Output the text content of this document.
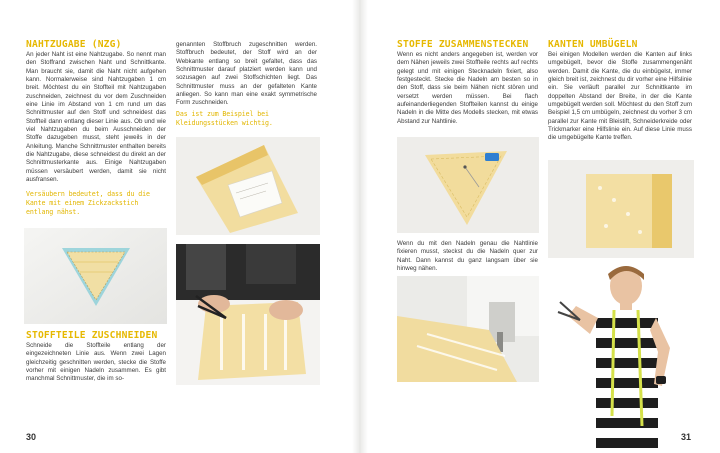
NAHTZUGABE (NZG)
An jeder Naht ist eine Nahtzugabe. So nennt man den Stoffrand zwischen Naht und Schnittkante. Man braucht sie, damit die Naht nicht aufgehen kann. Normalerweise sind Nahtzugaben 1 cm breit. Möchtest du ein Stoffteil mit Nahtzugaben zuschneiden, zeichnest du vor dem Zuschneiden eine Linie im Abstand von 1 cm rund um das Schnittmuster auf den Stoff und schneidest das Stoffteil dann entlang dieser Linie aus. Ob und wie viel Nahtzugaben du beim Ausschneiden der Stoffe dazugeben musst, steht jeweils in der Anleitung. Manche Schnittmuster enthalten bereits die Nahtzugabe, diese schneidest du direkt an der Schnittmusterkante aus. Einige Nahtzugaben müssen versäubert werden, damit sie nicht ausfransen.
Versäubern bedeutet, dass du die Kante mit einem Zickzackstich entlang nähst.
STOFFTEILE ZUSCHNEIDEN
Schneide die Stoffteile entlang der eingezeichneten Linie aus. Wenn zwei Lagen gleichzeitig geschnitten werden, stecke die Stoffe vorher mit einigen Nadeln zusammen. Es gibt manchmal Schnittmuster, die im so-
30
genannten Stoffbruch zugeschnitten werden. Stoffbruch bedeutet, der Stoff wird an der Webkante entlang so breit gefaltet, dass das Schnittmuster darauf platziert werden kann und sozusagen auf zwei Stoffschichten liegt. Das Schnittmuster muss an der gefalteten Kante anliegen. So kann man eine exakt symmetrische Form zuschneiden.
Das ist zum Beispiel bei Kleidungsstücken wichtig.
STOFFE ZUSAMMENSTECKEN
Wenn es nicht anders angegeben ist, werden vor dem Nähen jeweils zwei Stoffteile rechts auf rechts gelegt und mit einigen Stecknadeln fixiert, also festgesteckt. Stecke die Nadeln am besten so in den Stoff, dass sie beim Nähen nicht stören und versetzt werden müssen. Bei flach aufeinanderliegenden Stoffteilen kannst du einige Nadeln in die Mitte des Modells stecken, mit etwas Abstand zur Nahtlinie.
Wenn du mit den Nadeln genau die Nahtlinie fixieren musst, steckst du die Nadeln quer zur Naht. Dann kannst du ganz langsam über sie hinweg nähen.
KANTEN UMBÜGELN
Bei einigen Modellen werden die Kanten auf links umgebügelt, bevor die Stoffe zusammengenäht werden. Damit die Kante, die du einbügelst, immer gleich breit ist, zeichnest du dir vorher eine Hilfslinie ein. Sie verläuft parallel zur Schnittkante im doppelten Abstand der Breite, in der die Kante umgebügelt werden soll. Möchtest du den Stoff zum Beispiel 1,5 cm umbügeln, zeichnest du vorher 3 cm parallel zur Kante mit Bleistift, Schneiderkreide oder Trickmarker eine Hilfslinie ein. Auf diese Linie muss die umgebügelte Kante treffen.
31
